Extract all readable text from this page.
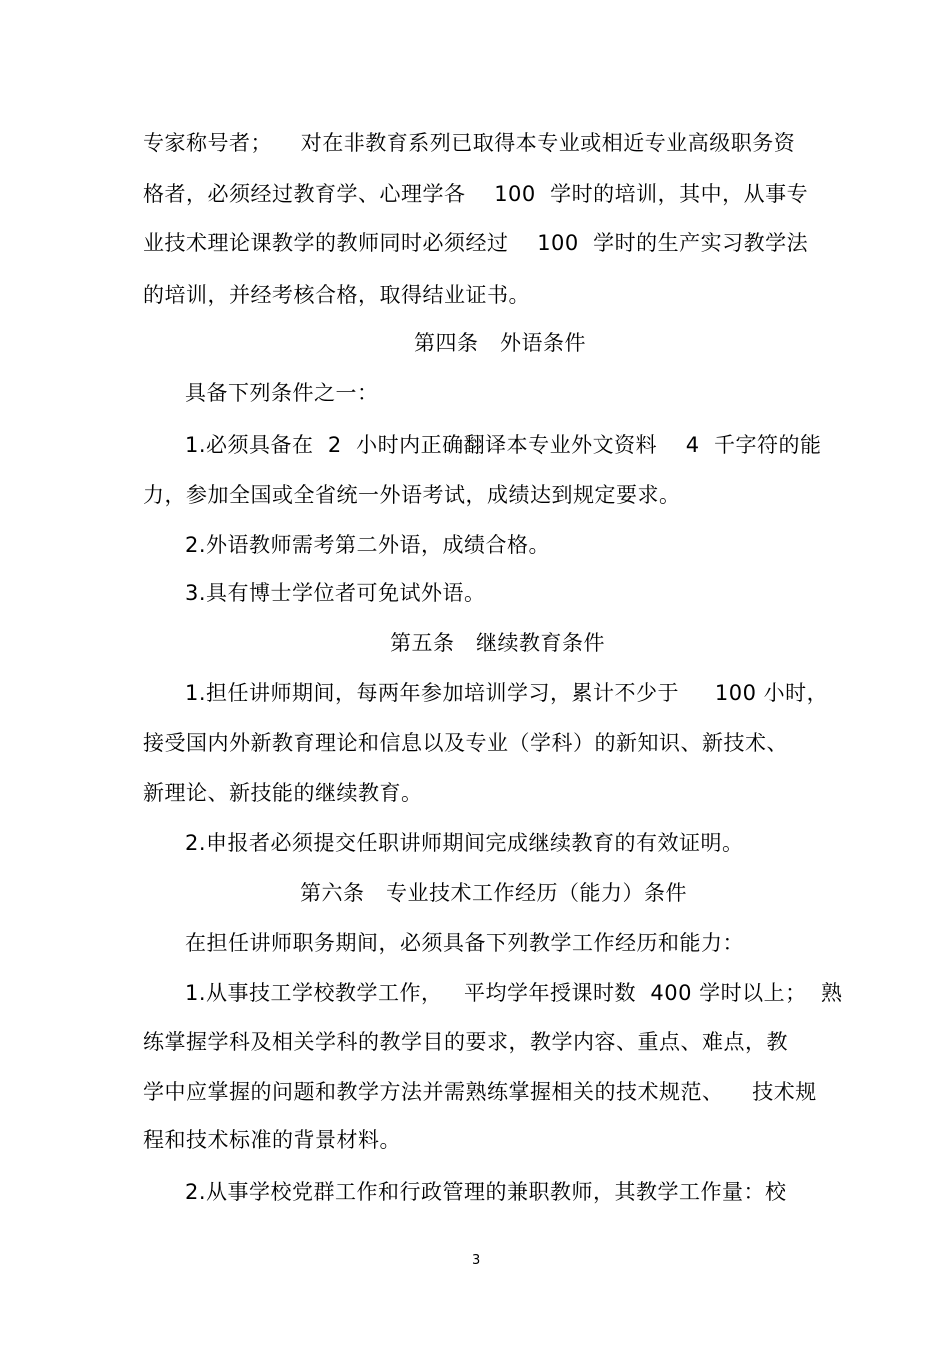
专家称号者；    对在非教育系列已取得本专业或相近专业高级职务资
格者，必须经过教育学、心理学各    100  学时的培训，其中，从事专
业技术理论课教学的教师同时必须经过    100  学时的生产实习教学法
的培训，并经考核合格，取得结业证书。
第四条   外语条件
具备下列条件之一：
1.必须具备在  2  小时内正确翻译本专业外文资料    4  千字符的能
力，参加全国或全省统一外语考试，成绩达到规定要求。
2.外语教师需考第二外语，成绩合格。
3.具有博士学位者可免试外语。
第五条   继续教育条件
1.担任讲师期间，每两年参加培训学习，累计不少于     100 小时，
接受国内外新教育理论和信息以及专业（学科）的新知识、新技术、
新理论、新技能的继续教育。
2.申报者必须提交任职讲师期间完成继续教育的有效证明。
第六条   专业技术工作经历（能力）条件
在担任讲师职务期间，必须具备下列教学工作经历和能力：
1.从事技工学校教学工作，   平均学年授课时数  400 学时以上；  熟
练掌握学科及相关学科的教学目的要求，教学内容、重点、难点，教
学中应掌握的问题和教学方法并需熟练掌握相关的技术规范、    技术规
程和技术标准的背景材料。
2.从事学校党群工作和行政管理的兼职教师，其教学工作量：校
3
